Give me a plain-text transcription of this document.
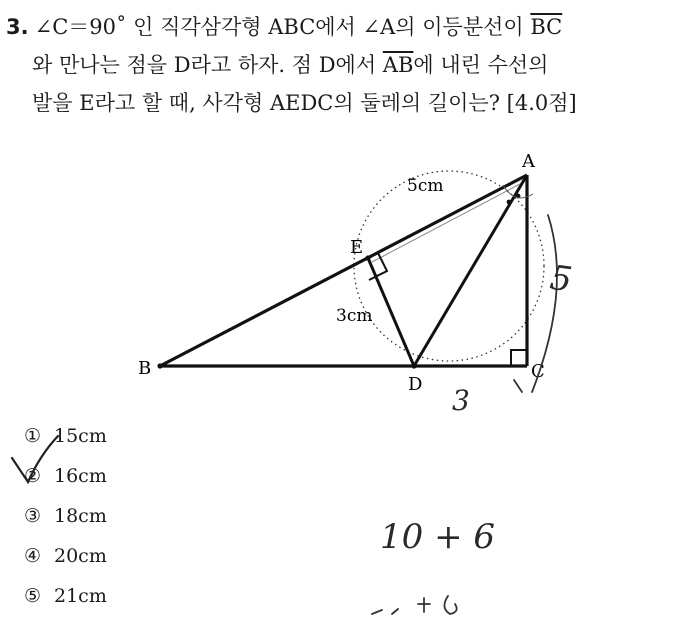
3. ∠C＝90˚ 인 직각삼각형 ABC에서 ∠A의 이등분선이 $\overline{BC}$
와 만나는 점을 D라고 하자. 점 D에서 $\overline{AB}$에 내린 수선의
발을 E라고 할 때, 사각형 AEDC의 둘레의 길이는? [4.0점]
A
B	C
D
E
5cm
3cm
① 15cm
② 16cm
③ 18cm
④ 20cm
⑤ 21cm
5
3
10 + 6
